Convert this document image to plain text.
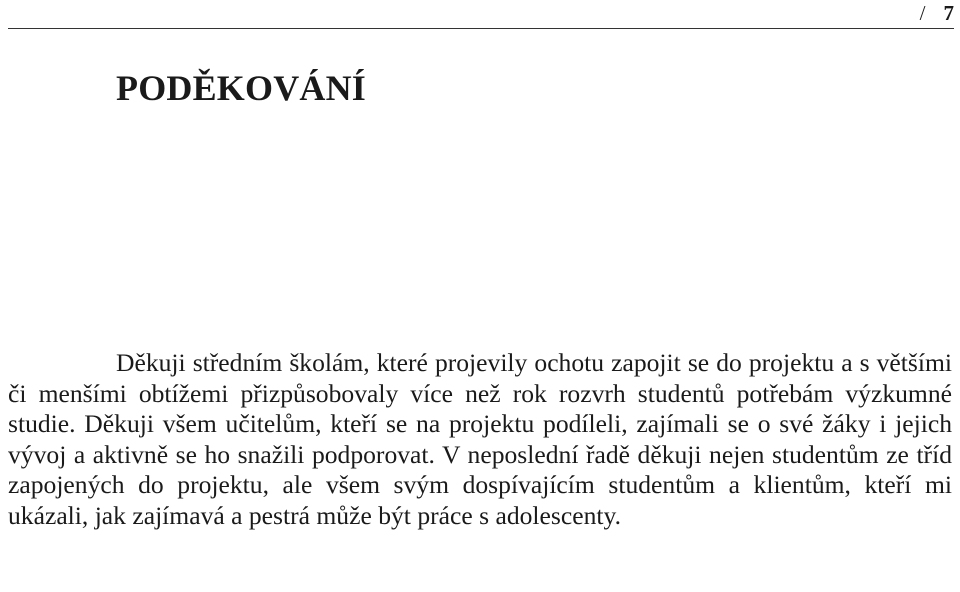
/ 7
PODĚKOVÁNÍ

Děkuji středním školám, které projevily ochotu zapojit se do projektu a s většími či menšími obtížemi přizpůsobovaly více než rok rozvrh studentů potřebám výzkumné studie. Děkuji všem učitelům, kteří se na projektu podíleli, zajímali se o své žáky i jejich vývoj a aktivně se ho snažili podporovat. V neposlední řadě děkuji nejen studentům ze tříd zapojených do projektu, ale všem svým dospívajícím studentům a klientům, kteří mi ukázali, jak zajímavá a pestrá může být práce s adolescenty.
